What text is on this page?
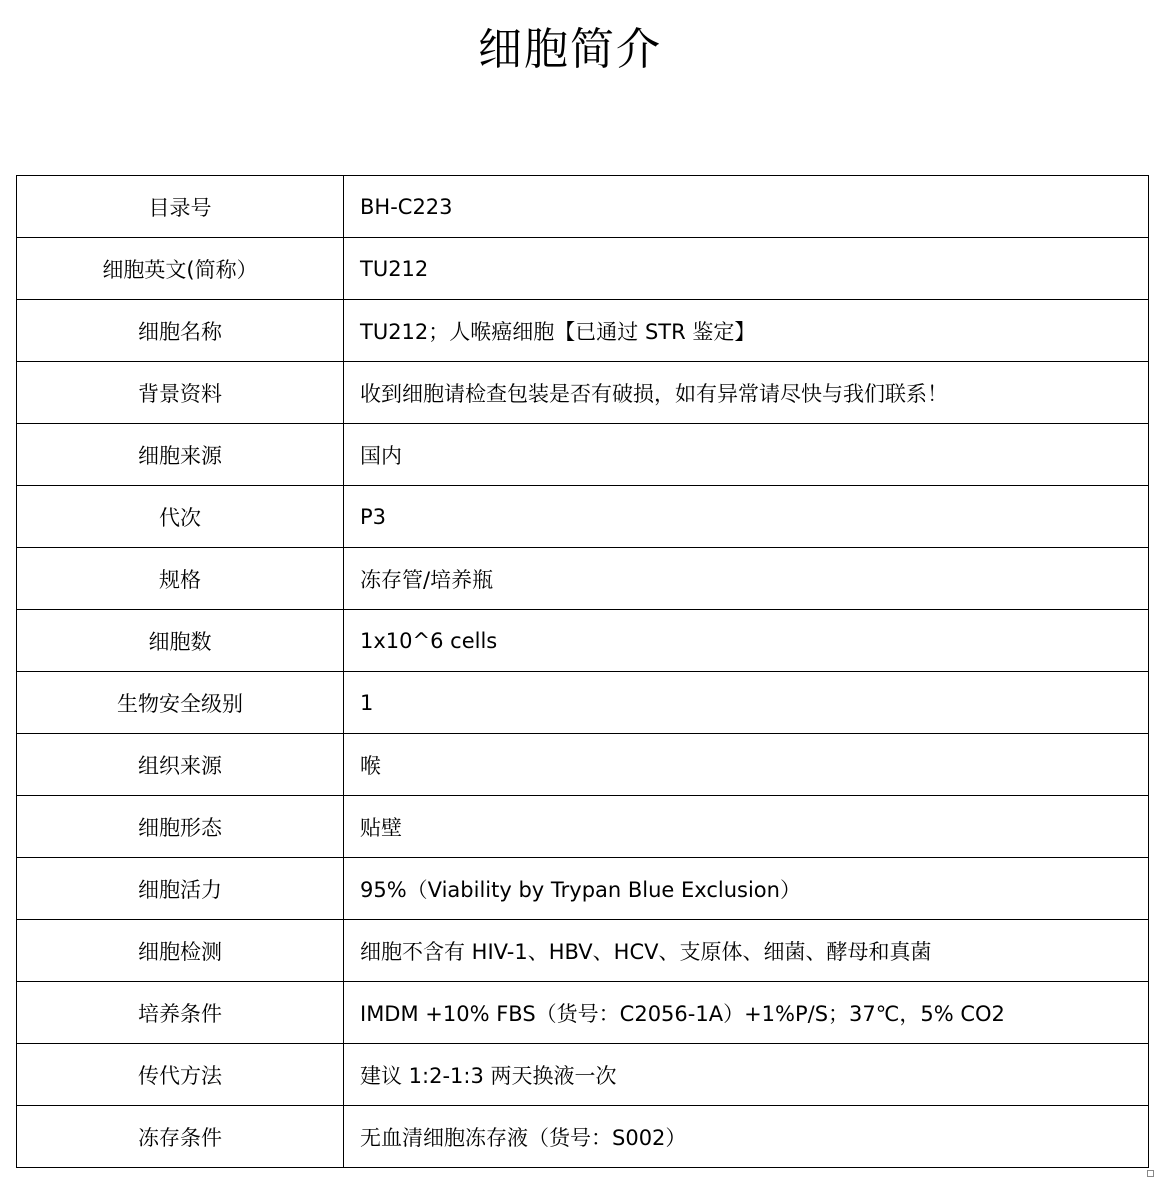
细胞简介
目录号	BH-C223
细胞英文(简称）	TU212
细胞名称	TU212；人喉癌细胞【已通过 STR 鉴定】
背景资料	收到细胞请检查包装是否有破损，如有异常请尽快与我们联系！
细胞来源	国内
代次	P3
规格	冻存管/培养瓶
细胞数	1x10^6 cells
生物安全级别	1
组织来源	喉
细胞形态	贴壁
细胞活力	95%（Viability by Trypan Blue Exclusion）
细胞检测	细胞不含有 HIV-1、HBV、HCV、支原体、细菌、酵母和真菌
培养条件	IMDM +10% FBS（货号：C2056-1A）+1%P/S；37℃，5% CO2
传代方法	建议 1:2-1:3 两天换液一次
冻存条件	无血清细胞冻存液（货号：S002）
